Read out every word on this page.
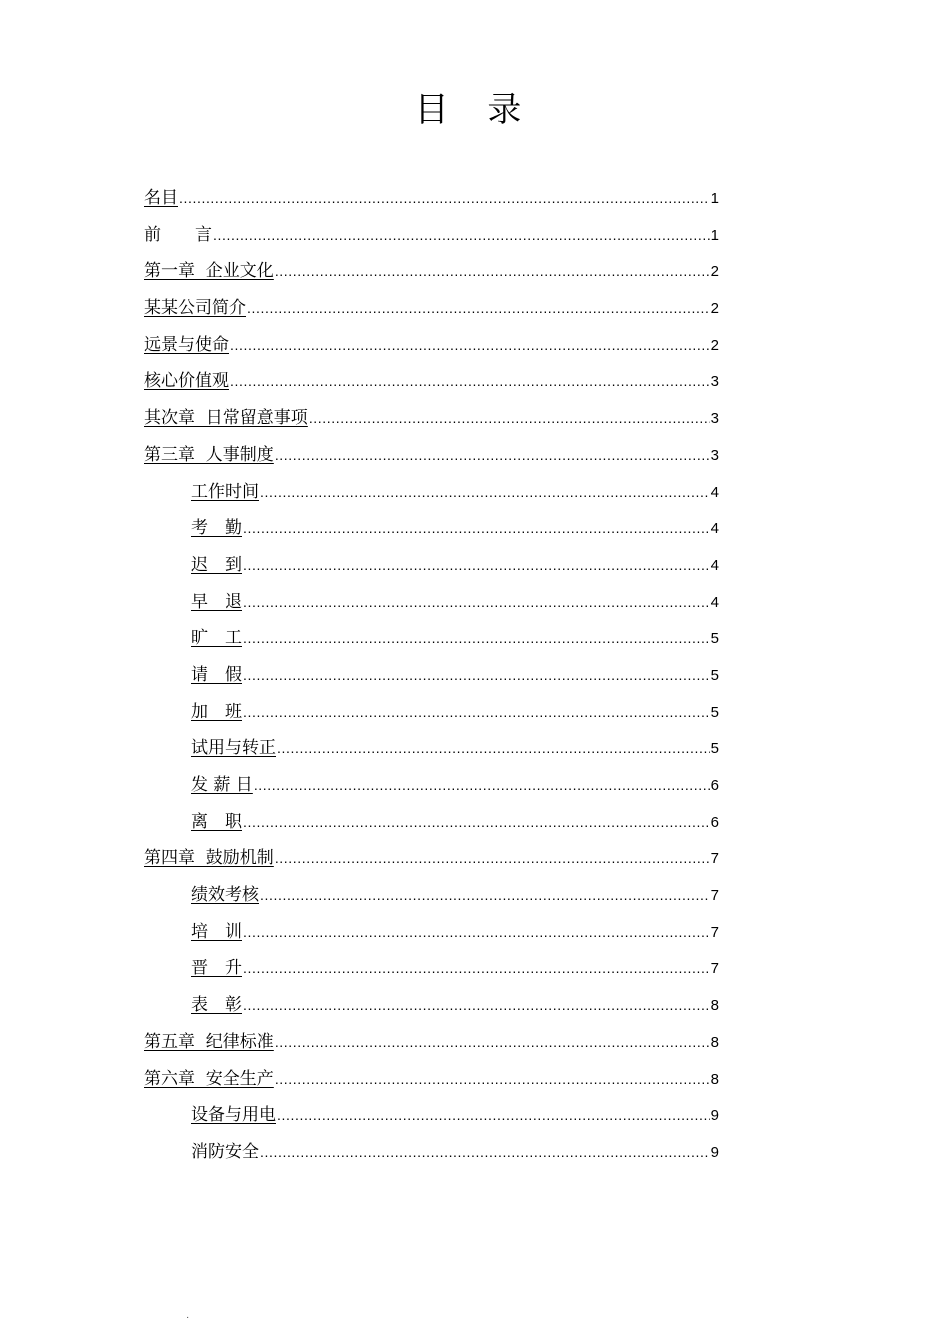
目 录
名目 .....	1
前　　言 .....	1
第一章  企业文化 .....	2
某某公司简介 .....	2
远景与使命 .....	2
核心价值观 .....	3
其次章  日常留意事项 .....	3
第三章  人事制度 .....	3
工作时间 .....	4
考　勤 .....	4
迟　到 .....	4
早　退 .....	4
旷　工 .....	5
请　假 .....	5
加　班 .....	5
试用与转正 .....	5
发 薪 日 .....	6
离　职 .....	6
第四章  鼓励机制 .....	7
绩效考核 .....	7
培　训 .....	7
晋　升 .....	7
表　彰 .....	8
第五章  纪律标准 .....	8
第六章  安全生产 .....	8
设备与用电 .....	9
消防安全 .....	9
·
